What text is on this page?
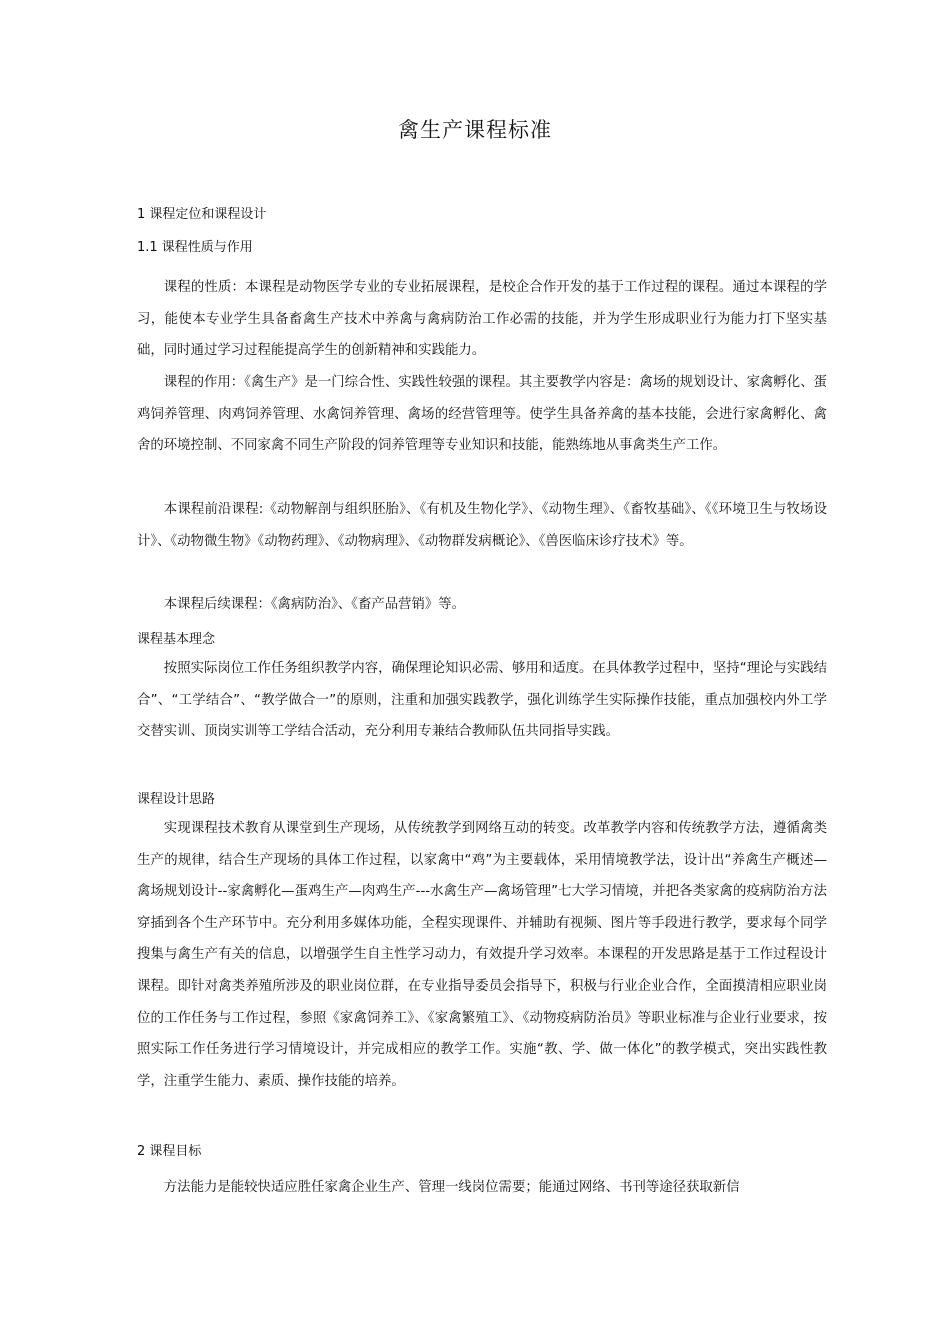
禽生产课程标准
1 课程定位和课程设计
1.1 课程性质与作用

课程的性质：本课程是动物医学专业的专业拓展课程，是校企合作开发的基于工作过程的课程。通过本课程的学习，能使本专业学生具备畜禽生产技术中养禽与禽病防治工作必需的技能，并为学生形成职业行为能力打下坚实基础，同时通过学习过程能提高学生的创新精神和实践能力。

课程的作用：《禽生产》是一门综合性、实践性较强的课程。其主要教学内容是：禽场的规划设计、家禽孵化、蛋鸡饲养管理、肉鸡饲养管理、水禽饲养管理、禽场的经营管理等。使学生具备养禽的基本技能，会进行家禽孵化、禽舍的环境控制、不同家禽不同生产阶段的饲养管理等专业知识和技能，能熟练地从事禽类生产工作。

本课程前沿课程:《动物解剖与组织胚胎》、《有机及生物化学》、《动物生理》、《畜牧基础》、《《环境卫生与牧场设计》、《动物微生物》《动物药理》、《动物病理》、《动物群发病概论》、《兽医临床诊疗技术》等。

本课程后续课程：《禽病防治》、《畜产品营销》等。

课程基本理念

按照实际岗位工作任务组织教学内容，确保理论知识必需、够用和适度。在具体教学过程中，坚持“理论与实践结合”、“工学结合”、“教学做合一”的原则，注重和加强实践教学，强化训练学生实际操作技能，重点加强校内外工学交替实训、顶岗实训等工学结合活动，充分利用专兼结合教师队伍共同指导实践。

课程设计思路

实现课程技术教育从课堂到生产现场，从传统教学到网络互动的转变。改革教学内容和传统教学方法，遵循禽类生产的规律，结合生产现场的具体工作过程，以家禽中“鸡”为主要载体，采用情境教学法，设计出“养禽生产概述—禽场规划设计--家禽孵化—蛋鸡生产—肉鸡生产---水禽生产—禽场管理”七大学习情境，并把各类家禽的疫病防治方法穿插到各个生产环节中。充分利用多媒体功能，全程实现课件、并辅助有视频、图片等手段进行教学，要求每个同学搜集与禽生产有关的信息，以增强学生自主性学习动力，有效提升学习效率。本课程的开发思路是基于工作过程设计课程。即针对禽类养殖所涉及的职业岗位群，在专业指导委员会指导下，积极与行业企业合作，全面摸清相应职业岗位的工作任务与工作过程，参照《家禽饲养工》、《家禽繁殖工》、《动物疫病防治员》等职业标准与企业行业要求，按照实际工作任务进行学习情境设计，并完成相应的教学工作。实施“教、学、做一体化”的教学模式，突出实践性教学，注重学生能力、素质、操作技能的培养。

2 课程目标

方法能力是能较快适应胜任家禽企业生产、管理一线岗位需要；能通过网络、书刊等途径获取新信
